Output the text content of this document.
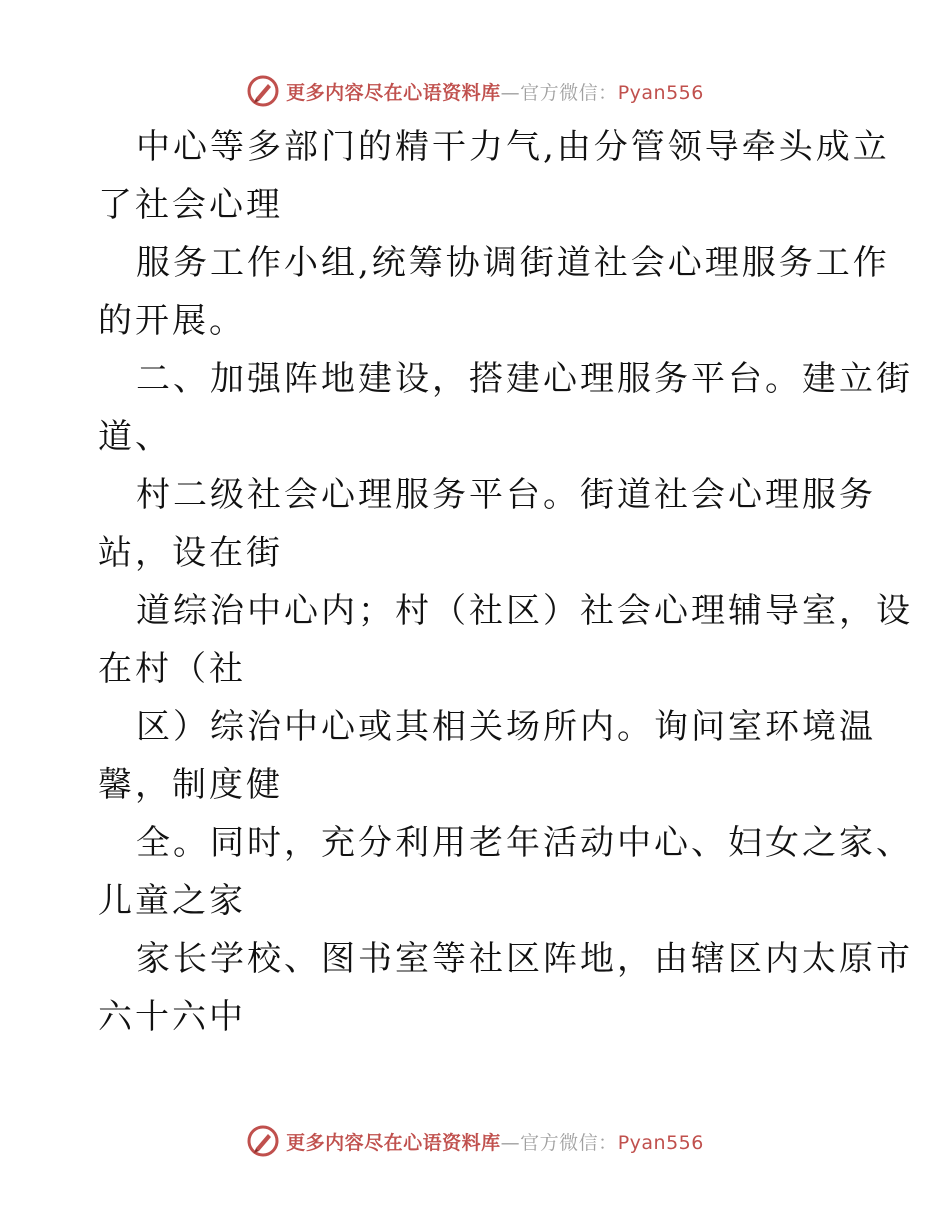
更多内容尽在心语资料库—官方微信：Pyan556
中心等多部门的精干力气,由分管领导牵头成立
了社会心理
服务工作小组,统筹协调街道社会心理服务工作
的开展。
二、加强阵地建设，搭建心理服务平台。建立街
道、
村二级社会心理服务平台。街道社会心理服务
站，设在街
道综治中心内；村（社区）社会心理辅导室，设
在村（社
区）综治中心或其相关场所内。询问室环境温
馨，制度健
全。同时，充分利用老年活动中心、妇女之家、
儿童之家
家长学校、图书室等社区阵地，由辖区内太原市
六十六中
更多内容尽在心语资料库—官方微信：Pyan556
